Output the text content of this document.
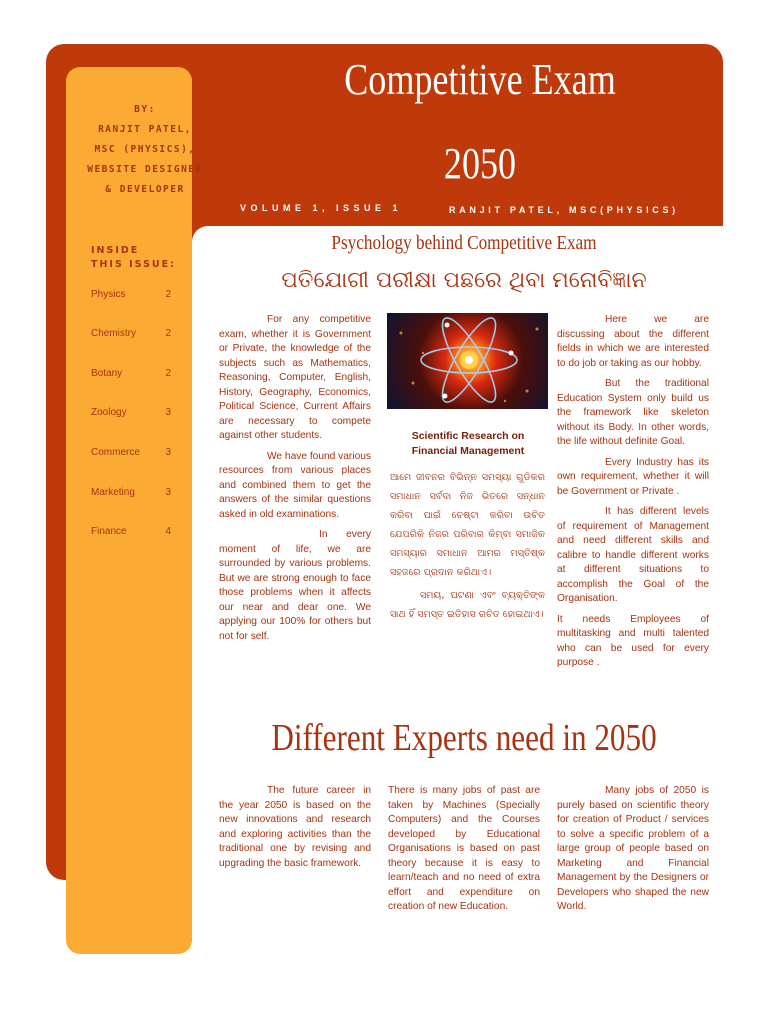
BY:
RANJIT PATEL,
MSC (PHYSICS),
WEBSITE DESIGNER
& DEVELOPER
INSIDE
THIS ISSUE:
Physics	2
Chemistry	2
Botany	2
Zoology	3
Commerce	3
Marketing	3
Finance	4
Competitive Exam
2050
VOLUME 1, ISSUE 1	RANJIT PATEL, MSC(PHYSICS)
Psychology behind Competitive Exam
ପତିଯୋଗୀ ପରୀକ୍ଷା ପଛରେ ଥିବା ମନୋବିଜ୍ଞାନ

For any competitive exam, whether it is Government or Private, the knowledge of the subjects such as Mathematics, Reasoning, Computer, English, History, Geography, Economics, Political Science, Current Affairs are necessary to compete against other students.

We have found various resources from various places and combined them to get the answers of the similar questions asked in old examinations.

In every moment of life, we are surrounded by various problems. But we are strong enough to face those problems when it affects our near and dear one. We applying our 100% for others but not for self.

Scientific Research on Financial Management

ଆମେ ଜୀବନର ବିଭିନ୍ନ ସମସ୍ୟା ଗୁଡିକର ସମାଧାନ ସର୍ବଦା ନିଜ ଭିତରେ ସନ୍ଧାନ କରିବା ପାଇଁ ଚେଷ୍ଟା କରିବା ଉଚିତ ଯେପରିକି ନିଜର ପରିବାର କିମ୍ବା ସମାଜିକ ସମସ୍ୟାର ସମାଧାନ ଆମର ମସ୍ତିଷ୍କ ସହଜରେ ପ୍ରଦାନ କରିଥାଏ।

ସମୟ, ଘଟଣା ଏବଂ ବ୍ୟକ୍ତିଙ୍କ ସାଥ ହିଁ ସମସ୍ତ ଇତିହାସ ରଚିତ ହୋଇଥାଏ।

Here we are discussing about the different fields in which we are interested to do job or taking as our hobby.

But the traditional Education System only build us the framework like skeleton without its Body. In other words, the life without definite Goal.

Every Industry has its own requirement, whether it will be Government or Private .

It has different levels of requirement of Management and need different skills and calibre to handle different works at different situations to accomplish the Goal of the Organisation.

It needs Employees of multitasking and multi talented who can be used for every purpose .

Different Experts need in 2050

The future career in the year 2050 is based on the new innovations and research and exploring activities than the traditional one by revising and upgrading the basic framework.

There is many jobs of past are taken by Machines (Specially Computers) and the Courses developed by Educational Organisations is based on past theory because it is easy to learn/teach and no need of extra effort and expenditure on creation of new Education.

Many jobs of 2050 is purely based on scientific theory for creation of Product / services to solve a specific problem of a large group of people based on Marketing and Financial Management by the Designers or Developers who shaped the new World.
